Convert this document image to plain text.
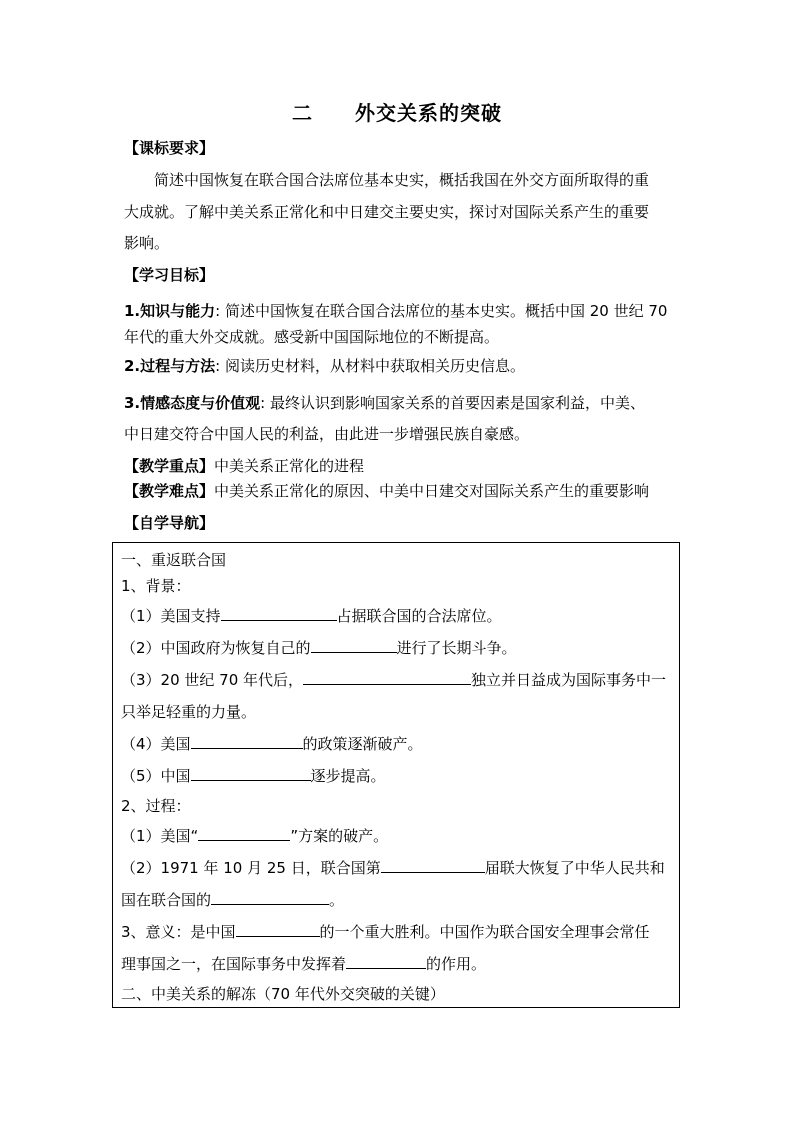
二 外交关系的突破
【课标要求】
简述中国恢复在联合国合法席位基本史实，概括我国在外交方面所取得的重
大成就。了解中美关系正常化和中日建交主要史实，探讨对国际关系产生的重要
影响。
【学习目标】
1.知识与能力: 简述中国恢复在联合国合法席位的基本史实。概括中国 20 世纪 70
年代的重大外交成就。感受新中国国际地位的不断提高。
2.过程与方法: 阅读历史材料，从材料中获取相关历史信息。
3.情感态度与价值观: 最终认识到影响国家关系的首要因素是国家利益，中美、
中日建交符合中国人民的利益，由此进一步增强民族自豪感。
【教学重点】中美关系正常化的进程
【教学难点】中美关系正常化的原因、中美中日建交对国际关系产生的重要影响
【自学导航】
一、重返联合国
1、背景：
（1）美国支持	占据联合国的合法席位。
（2）中国政府为恢复自己的	进行了长期斗争。
（3）20 世纪 70 年代后，	独立并日益成为国际事务中一
只举足轻重的力量。
（4）美国	的政策逐渐破产。
（5）中国	逐步提高。
2、过程：
（1）美国“	”方案的破产。
（2）1971 年 10 月 25 日，联合国第	届联大恢复了中华人民共和
国在联合国的	。
3、意义：是中国	的一个重大胜利。中国作为联合国安全理事会常任
理事国之一，在国际事务中发挥着	的作用。
二、中美关系的解冻（70 年代外交突破的关键）
